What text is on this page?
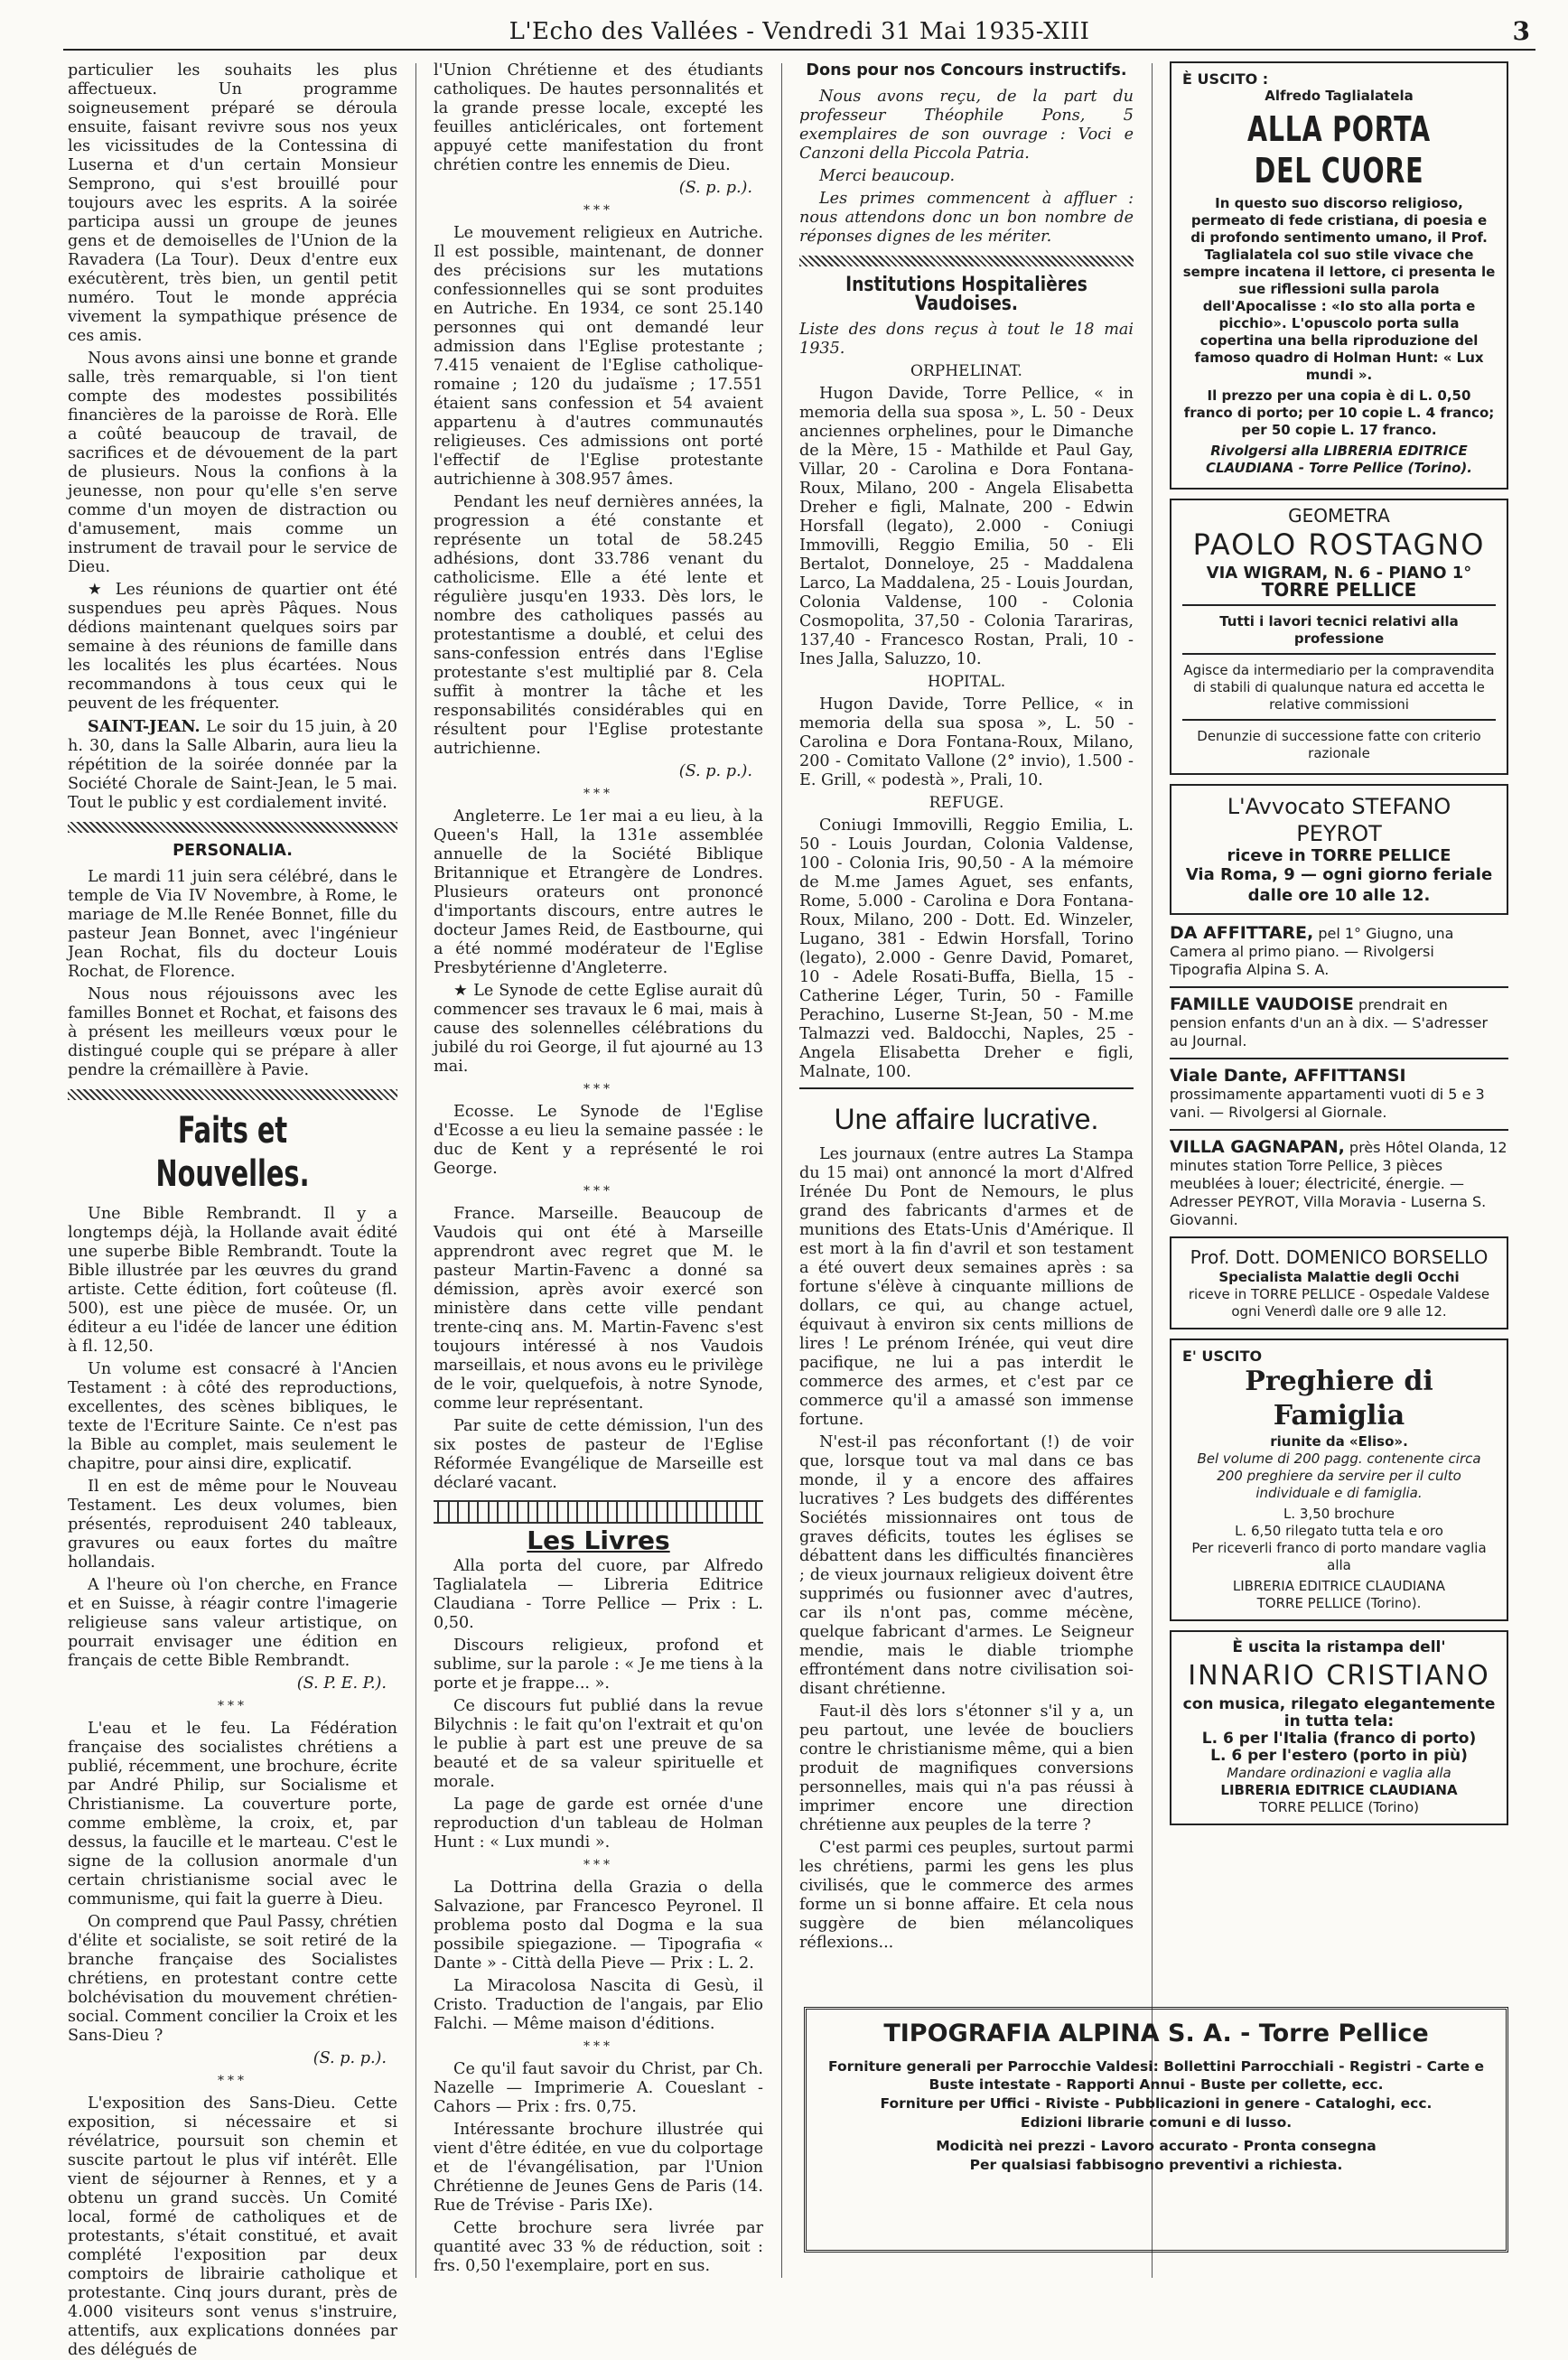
L'Echo des Vallées - Vendredi 31 Mai 1935-XIII	3

particulier les souhaits les plus affectueux. Un programme soigneusement préparé se déroula ensuite, faisant revivre sous nos yeux les vicissitudes de la Contessina di Luserna et d'un certain Monsieur Semprono, qui s'est brouillé pour toujours avec les esprits. A la soirée participa aussi un groupe de jeunes gens et de demoiselles de l'Union de la Ravadera (La Tour). Deux d'entre eux exécutèrent, très bien, un gentil petit numéro. Tout le monde apprécia vivement la sympathique présence de ces amis.

Nous avons ainsi une bonne et grande salle, très remarquable, si l'on tient compte des modestes possibilités financières de la paroisse de Rorà. Elle a coûté beaucoup de travail, de sacrifices et de dévouement de la part de plusieurs. Nous la confions à la jeunesse, non pour qu'elle s'en serve comme d'un moyen de distraction ou d'amusement, mais comme un instrument de travail pour le service de Dieu.

★ Les réunions de quartier ont été suspendues peu après Pâques. Nous dédions maintenant quelques soirs par semaine à des réunions de famille dans les localités les plus écartées. Nous recommandons à tous ceux qui le peuvent de les fréquenter.

SAINT-JEAN. Le soir du 15 juin, à 20 h. 30, dans la Salle Albarin, aura lieu la répétition de la soirée donnée par la Société Chorale de Saint-Jean, le 5 mai. Tout le public y est cordialement invité.

PERSONALIA.

Le mardi 11 juin sera célébré, dans le temple de Via IV Novembre, à Rome, le mariage de M.lle Renée Bonnet, fille du pasteur Jean Bonnet, avec l'ingénieur Jean Rochat, fils du docteur Louis Rochat, de Florence.

Nous nous réjouissons avec les familles Bonnet et Rochat, et faisons des à présent les meilleurs vœux pour le distingué couple qui se prépare à aller pendre la crémaillère à Pavie.

Faits et Nouvelles.

Une Bible Rembrandt. Il y a longtemps déjà, la Hollande avait édité une superbe Bible Rembrandt. Toute la Bible illustrée par les œuvres du grand artiste. Cette édition, fort coûteuse (fl. 500), est une pièce de musée. Or, un éditeur a eu l'idée de lancer une édition à fl. 12,50.

Un volume est consacré à l'Ancien Testament : à côté des reproductions, excellentes, des scènes bibliques, le texte de l'Ecriture Sainte. Ce n'est pas la Bible au complet, mais seulement le chapitre, pour ainsi dire, explicatif.

Il en est de même pour le Nouveau Testament. Les deux volumes, bien présentés, reproduisent 240 tableaux, gravures ou eaux fortes du maître hollandais.

A l'heure où l'on cherche, en France et en Suisse, à réagir contre l'imagerie religieuse sans valeur artistique, on pourrait envisager une édition en français de cette Bible Rembrandt.

(S. P. E. P.).
***

L'eau et le feu. La Fédération française des socialistes chrétiens a publié, récemment, une brochure, écrite par André Philip, sur Socialisme et Christianisme. La couverture porte, comme emblème, la croix, et, par dessus, la faucille et le marteau. C'est le signe de la collusion anormale d'un certain christianisme social avec le communisme, qui fait la guerre à Dieu.

On comprend que Paul Passy, chrétien d'élite et socialiste, se soit retiré de la branche française des Socialistes chrétiens, en protestant contre cette bolchévisation du mouvement chrétien-social. Comment concilier la Croix et les Sans-Dieu ?

(S. p. p.).
***

L'exposition des Sans-Dieu. Cette exposition, si nécessaire et si révélatrice, poursuit son chemin et suscite partout le plus vif intérêt. Elle vient de séjourner à Rennes, et y a obtenu un grand succès. Un Comité local, formé de catholiques et de protestants, s'était constitué, et avait complété l'exposition par deux comptoirs de librairie catholique et protestante. Cinq jours durant, près de 4.000 visiteurs sont venus s'instruire, attentifs, aux explications données par des délégués de

l'Union Chrétienne et des étudiants catholiques. De hautes personnalités et la grande presse locale, excepté les feuilles anticléricales, ont fortement appuyé cette manifestation du front chrétien contre les ennemis de Dieu.

(S. p. p.).
***

Le mouvement religieux en Autriche. Il est possible, maintenant, de donner des précisions sur les mutations confessionnelles qui se sont produites en Autriche. En 1934, ce sont 25.140 personnes qui ont demandé leur admission dans l'Eglise protestante ; 7.415 venaient de l'Eglise catholique-romaine ; 120 du judaïsme ; 17.551 étaient sans confession et 54 avaient appartenu à d'autres communautés religieuses. Ces admissions ont porté l'effectif de l'Eglise protestante autrichienne à 308.957 âmes.

Pendant les neuf dernières années, la progression a été constante et représente un total de 58.245 adhésions, dont 33.786 venant du catholicisme. Elle a été lente et régulière jusqu'en 1933. Dès lors, le nombre des catholiques passés au protestantisme a doublé, et celui des sans-confession entrés dans l'Eglise protestante s'est multiplié par 8. Cela suffit à montrer la tâche et les responsabilités considérables qui en résultent pour l'Eglise protestante autrichienne.

(S. p. p.).
***

Angleterre. Le 1er mai a eu lieu, à la Queen's Hall, la 131e assemblée annuelle de la Société Biblique Britannique et Etrangère de Londres. Plusieurs orateurs ont prononcé d'importants discours, entre autres le docteur James Reid, de Eastbourne, qui a été nommé modérateur de l'Eglise Presbytérienne d'Angleterre.

★ Le Synode de cette Eglise aurait dû commencer ses travaux le 6 mai, mais à cause des solennelles célébrations du jubilé du roi George, il fut ajourné au 13 mai.

***

Ecosse. Le Synode de l'Eglise d'Ecosse a eu lieu la semaine passée : le duc de Kent y a représenté le roi George.

***

France. Marseille. Beaucoup de Vaudois qui ont été à Marseille apprendront avec regret que M. le pasteur Martin-Favenc a donné sa démission, après avoir exercé son ministère dans cette ville pendant trente-cinq ans. M. Martin-Favenc s'est toujours intéressé à nos Vaudois marseillais, et nous avons eu le privilège de le voir, quelquefois, à notre Synode, comme leur représentant.

Par suite de cette démission, l'un des six postes de pasteur de l'Eglise Réformée Evangélique de Marseille est déclaré vacant.

Les Livres

Alla porta del cuore, par Alfredo Taglialatela — Libreria Editrice Claudiana - Torre Pellice — Prix : L. 0,50.

Discours religieux, profond et sublime, sur la parole : « Je me tiens à la porte et je frappe... ».

Ce discours fut publié dans la revue Bilychnis : le fait qu'on l'extrait et qu'on le publie à part est une preuve de sa beauté et de sa valeur spirituelle et morale.

La page de garde est ornée d'une reproduction d'un tableau de Holman Hunt : « Lux mundi ».

***

La Dottrina della Grazia o della Salvazione, par Francesco Peyronel. Il problema posto dal Dogma e la sua possibile spiegazione. — Tipografia « Dante » - Città della Pieve — Prix : L. 2.

La Miracolosa Nascita di Gesù, il Cristo. Traduction de l'angais, par Elio Falchi. — Même maison d'éditions.

***

Ce qu'il faut savoir du Christ, par Ch. Nazelle — Imprimerie A. Coueslant - Cahors — Prix : frs. 0,75.

Intéressante brochure illustrée qui vient d'être éditée, en vue du colportage et de l'évangélisation, par l'Union Chrétienne de Jeunes Gens de Paris (14. Rue de Trévise - Paris IXe).

Cette brochure sera livrée par quantité avec 33 % de réduction, soit : frs. 0,50 l'exemplaire, port en sus.

Dons pour nos Concours instructifs.

Nous avons reçu, de la part du professeur Théophile Pons, 5 exemplaires de son ouvrage : Voci e Canzoni della Piccola Patria.

Merci beaucoup.

Les primes commencent à affluer : nous attendons donc un bon nombre de réponses dignes de les mériter.

Institutions Hospitalières Vaudoises.

Liste des dons reçus à tout le 18 mai 1935.

ORPHELINAT.

Hugon Davide, Torre Pellice, « in memoria della sua sposa », L. 50 - Deux anciennes orphelines, pour le Dimanche de la Mère, 15 - Mathilde et Paul Gay, Villar, 20 - Carolina e Dora Fontana-Roux, Milano, 200 - Angela Elisabetta Dreher e figli, Malnate, 200 - Edwin Horsfall (legato), 2.000 - Coniugi Immovilli, Reggio Emilia, 50 - Eli Bertalot, Donneloye, 25 - Maddalena Larco, La Maddalena, 25 - Louis Jourdan, Colonia Valdense, 100 - Colonia Cosmopolita, 37,50 - Colonia Tarariras, 137,40 - Francesco Rostan, Prali, 10 - Ines Jalla, Saluzzo, 10.

HOPITAL.

Hugon Davide, Torre Pellice, « in memoria della sua sposa », L. 50 - Carolina e Dora Fontana-Roux, Milano, 200 - Comitato Vallone (2° invio), 1.500 - E. Grill, « podestà », Prali, 10.

REFUGE.

Coniugi Immovilli, Reggio Emilia, L. 50 - Louis Jourdan, Colonia Valdense, 100 - Colonia Iris, 90,50 - A la mémoire de M.me James Aguet, ses enfants, Rome, 5.000 - Carolina e Dora Fontana-Roux, Milano, 200 - Dott. Ed. Winzeler, Lugano, 381 - Edwin Horsfall, Torino (legato), 2.000 - Genre David, Pomaret, 10 - Adele Rosati-Buffa, Biella, 15 - Catherine Léger, Turin, 50 - Famille Perachino, Luserne St-Jean, 50 - M.me Talmazzi ved. Baldocchi, Naples, 25 - Angela Elisabetta Dreher e figli, Malnate, 100.

Une affaire lucrative.

Les journaux (entre autres La Stampa du 15 mai) ont annoncé la mort d'Alfred Irénée Du Pont de Nemours, le plus grand des fabricants d'armes et de munitions des Etats-Unis d'Amérique. Il est mort à la fin d'avril et son testament a été ouvert deux semaines après : sa fortune s'élève à cinquante millions de dollars, ce qui, au change actuel, équivaut à environ six cents millions de lires ! Le prénom Irénée, qui veut dire pacifique, ne lui a pas interdit le commerce des armes, et c'est par ce commerce qu'il a amassé son immense fortune.

N'est-il pas réconfortant (!) de voir que, lorsque tout va mal dans ce bas monde, il y a encore des affaires lucratives ? Les budgets des différentes Sociétés missionnaires ont tous de graves déficits, toutes les églises se débattent dans les difficultés financières ; de vieux journaux religieux doivent être supprimés ou fusionner avec d'autres, car ils n'ont pas, comme mécène, quelque fabricant d'armes. Le Seigneur mendie, mais le diable triomphe effrontément dans notre civilisation soi-disant chrétienne.

Faut-il dès lors s'étonner s'il y a, un peu partout, une levée de boucliers contre le christianisme même, qui a bien produit de magnifiques conversions personnelles, mais qui n'a pas réussi à imprimer encore une direction chrétienne aux peuples de la terre ?

C'est parmi ces peuples, surtout parmi les chrétiens, parmi les gens les plus civilisés, que le commerce des armes forme un si bonne affaire. Et cela nous suggère de bien mélancoliques réflexions...

È USCITO :
Alfredo Taglialatela
ALLA PORTA DEL CUORE

In questo suo discorso religioso, permeato di fede cristiana, di poesia e di profondo sentimento umano, il Prof. Taglialatela col suo stile vivace che sempre incatena il lettore, ci presenta le sue riflessioni sulla parola dell'Apocalisse : «Io sto alla porta e picchio». L'opuscolo porta sulla copertina una bella riproduzione del famoso quadro di Holman Hunt: « Lux mundi ».

Il prezzo per una copia è di L. 0,50 franco di porto; per 10 copie L. 4 franco; per 50 copie L. 17 franco.

Rivolgersi alla LIBRERIA EDITRICE CLAUDIANA - Torre Pellice (Torino).

GEOMETRA
PAOLO ROSTAGNO
VIA WIGRAM, N. 6 - PIANO 1°
TORRE PELLICE

Tutti i lavori tecnici relativi alla professione

Agisce da intermediario per la compravendita di stabili di qualunque natura ed accetta le relative commissioni

Denunzie di successione fatte con criterio razionale

L'Avvocato STEFANO PEYROT
riceve in TORRE PELLICE
Via Roma, 9 — ogni giorno feriale dalle ore 10 alle 12.
DA AFFITTARE, pel 1° Giugno, una Camera al primo piano. — Rivolgersi Tipografia Alpina S. A.
FAMILLE VAUDOISE prendrait en pension enfants d'un an à dix. — S'adresser au Journal.
Viale Dante, AFFITTANSI prossimamente appartamenti vuoti di 5 e 3 vani. — Rivolgersi al Giornale.
VILLA GAGNAPAN, près Hôtel Olanda, 12 minutes station Torre Pellice, 3 pièces meublées à louer; électricité, énergie. — Adresser PEYROT, Villa Moravia - Luserna S. Giovanni.
Prof. Dott. DOMENICO BORSELLO
Specialista Malattie degli Occhi
riceve in TORRE PELLICE - Ospedale Valdese ogni Venerdì dalle ore 9 alle 12.
E' USCITO
Preghiere di Famiglia
riunite da «Eliso».

Bel volume di 200 pagg. contenente circa 200 preghiere da servire per il culto individuale e di famiglia.

L. 3,50 brochure
L. 6,50 rilegato tutta tela e oro

Per riceverli franco di porto mandare vaglia alla

LIBRERIA EDITRICE CLAUDIANA
TORRE PELLICE (Torino).
È uscita la ristampa dell'
INNARIO CRISTIANO
con musica, rilegato elegantemente in tutta tela:
L. 6 per l'Italia (franco di porto)
L. 6 per l'estero (porto in più)
Mandare ordinazioni e vaglia alla
LIBRERIA EDITRICE CLAUDIANA
TORRE PELLICE (Torino)
TIPOGRAFIA ALPINA S. A. - Torre Pellice
Forniture generali per Parrocchie Valdesi: Bollettini Parrocchiali - Registri - Carte e Buste intestate - Rapporti Annui - Buste per collette, ecc.
Forniture per Uffici - Riviste - Pubblicazioni in genere - Cataloghi, ecc.
Edizioni librarie comuni e di lusso.
Modicità nei prezzi - Lavoro accurato - Pronta consegna
Per qualsiasi fabbisogno preventivi a richiesta.
